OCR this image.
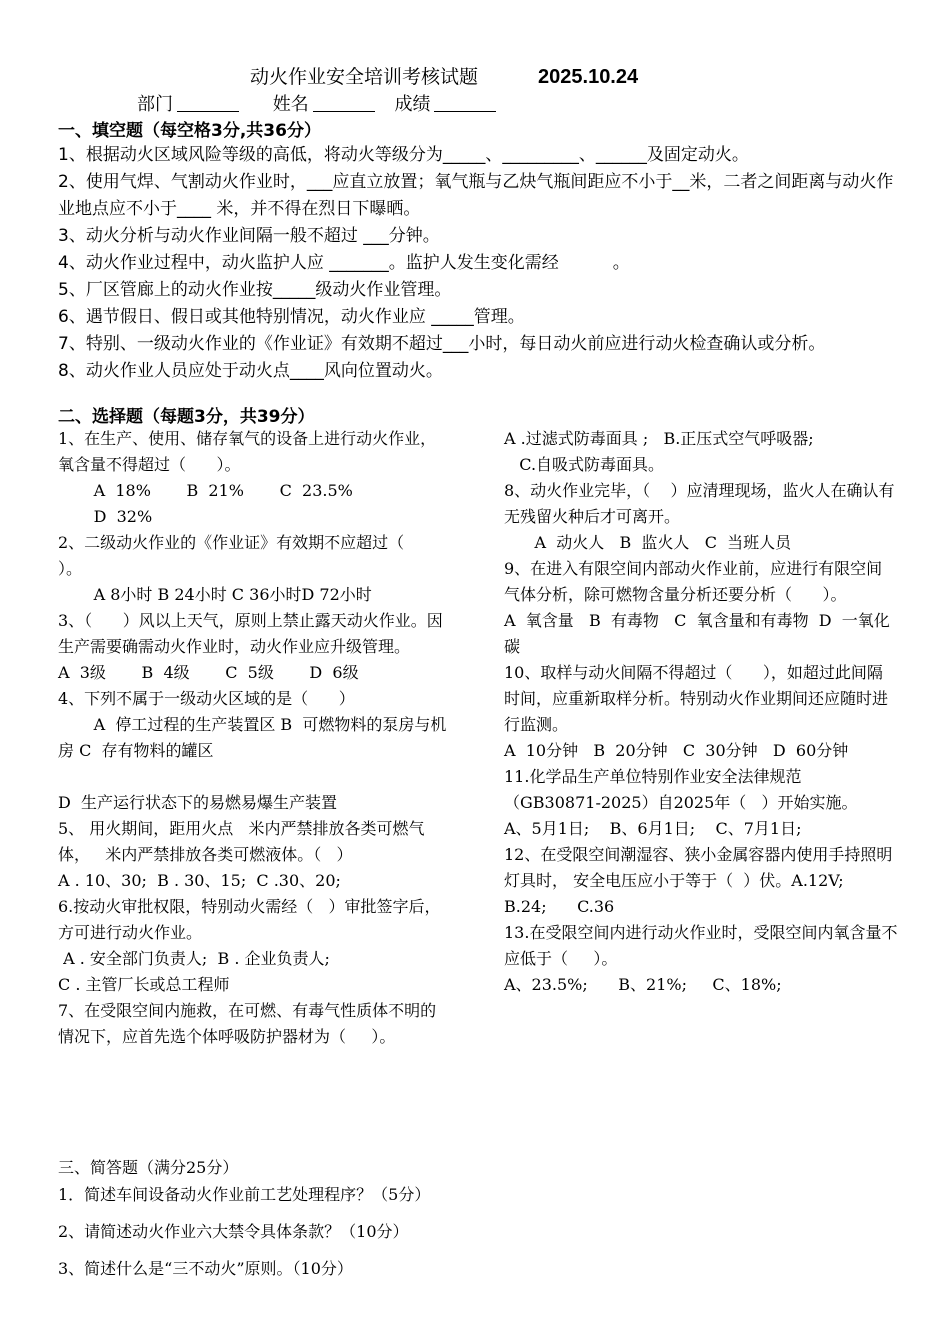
动火作业安全培训考核试题	2025.10.24
部门	姓名	成绩
一、填空题（每空格3分,共36分）

1、根据动火区域风险等级的高低，将动火等级分为_____、_________、______及固定动火。

2、使用气焊、气割动火作业时，___应直立放置；氧气瓶与乙炔气瓶间距应不小于__米，二者之间距离与动火作业地点应不小于____ 米，并不得在烈日下曝晒。

3、动火分析与动火作业间隔一般不超过 ___分钟。

4、动火作业过程中，动火监护人应 _______。监护人发生变化需经          。

5、厂区管廊上的动火作业按_____级动火作业管理。

6、遇节假日、假日或其他特别情况，动火作业应 _____管理。

7、特别、一级动火作业的《作业证》有效期不超过___小时，每日动火前应进行动火检查确认或分析。

8、动火作业人员应处于动火点____风向位置动火。

二、选择题（每题3分，共39分）

1、在生产、使用、储存氧气的设备上进行动火作业，氧含量不得超过（      ）。

A  18%       B  21%       C  23.5%

D  32%

2、二级动火作业的《作业证》有效期不应超过（      ）。

A 8小时 B 24小时 C 36小时D 72小时

3、（      ）风以上天气，原则上禁止露天动火作业。因生产需要确需动火作业时，动火作业应升级管理。

A  3级       B  4级       C  5级       D  6级

4、下列不属于一级动火区域的是（      ）

A  停工过程的生产装置区 B  可燃物料的泵房与机房 C  存有物料的罐区

D  生产运行状态下的易燃易爆生产装置

5、 用火期间，距用火点   米内严禁排放各类可燃气体，   米内严禁排放各类可燃液体。（   ）

A . 10、30;  B . 30、15;  C .30、20;

6.按动火审批权限，特别动火需经（   ）审批签字后，方可进行动火作业。

A . 安全部门负责人;  B . 企业负责人;

C . 主管厂长或总工程师

7、在受限空间内施救，在可燃、有毒气性质体不明的情况下，应首先选个体呼吸防护器材为（     ）。

A .过滤式防毒面具 ;   B.正压式空气呼吸器;

C.自吸式防毒面具。

8、动火作业完毕，（    ）应清理现场，监火人在确认有无残留火种后才可离开。

A  动火人   B  监火人   C  当班人员

9、在进入有限空间内部动火作业前，应进行有限空间气体分析，除可燃物含量分析还要分析（      ）。

A  氧含量   B  有毒物   C  氧含量和有毒物  D  一氧化碳

10、取样与动火间隔不得超过（      ），如超过此间隔时间，应重新取样分析。特别动火作业期间还应随时进行监测。

A  10分钟   B  20分钟   C  30分钟   D  60分钟

11.化学品生产单位特别作业安全法律规范（GB30871-2025）自2025年（   ）开始实施。

A、5月1日;    B、6月1日;    C、7月1日;

12、在受限空间潮湿容、狭小金属容器内使用手持照明灯具时， 安全电压应小于等于（  ）伏。A.12V;       B.24;      C.36

13.在受限空间内进行动火作业时，受限空间内氧含量不应低于（     ）。

A、23.5%;      B、21%;     C、18%;

三、简答题（满分25分）
1．简述车间设备动火作业前工艺处理程序？（5分）
2、请简述动火作业六大禁令具体条款？（10分）
3、简述什么是“三不动火”原则。（10分）
